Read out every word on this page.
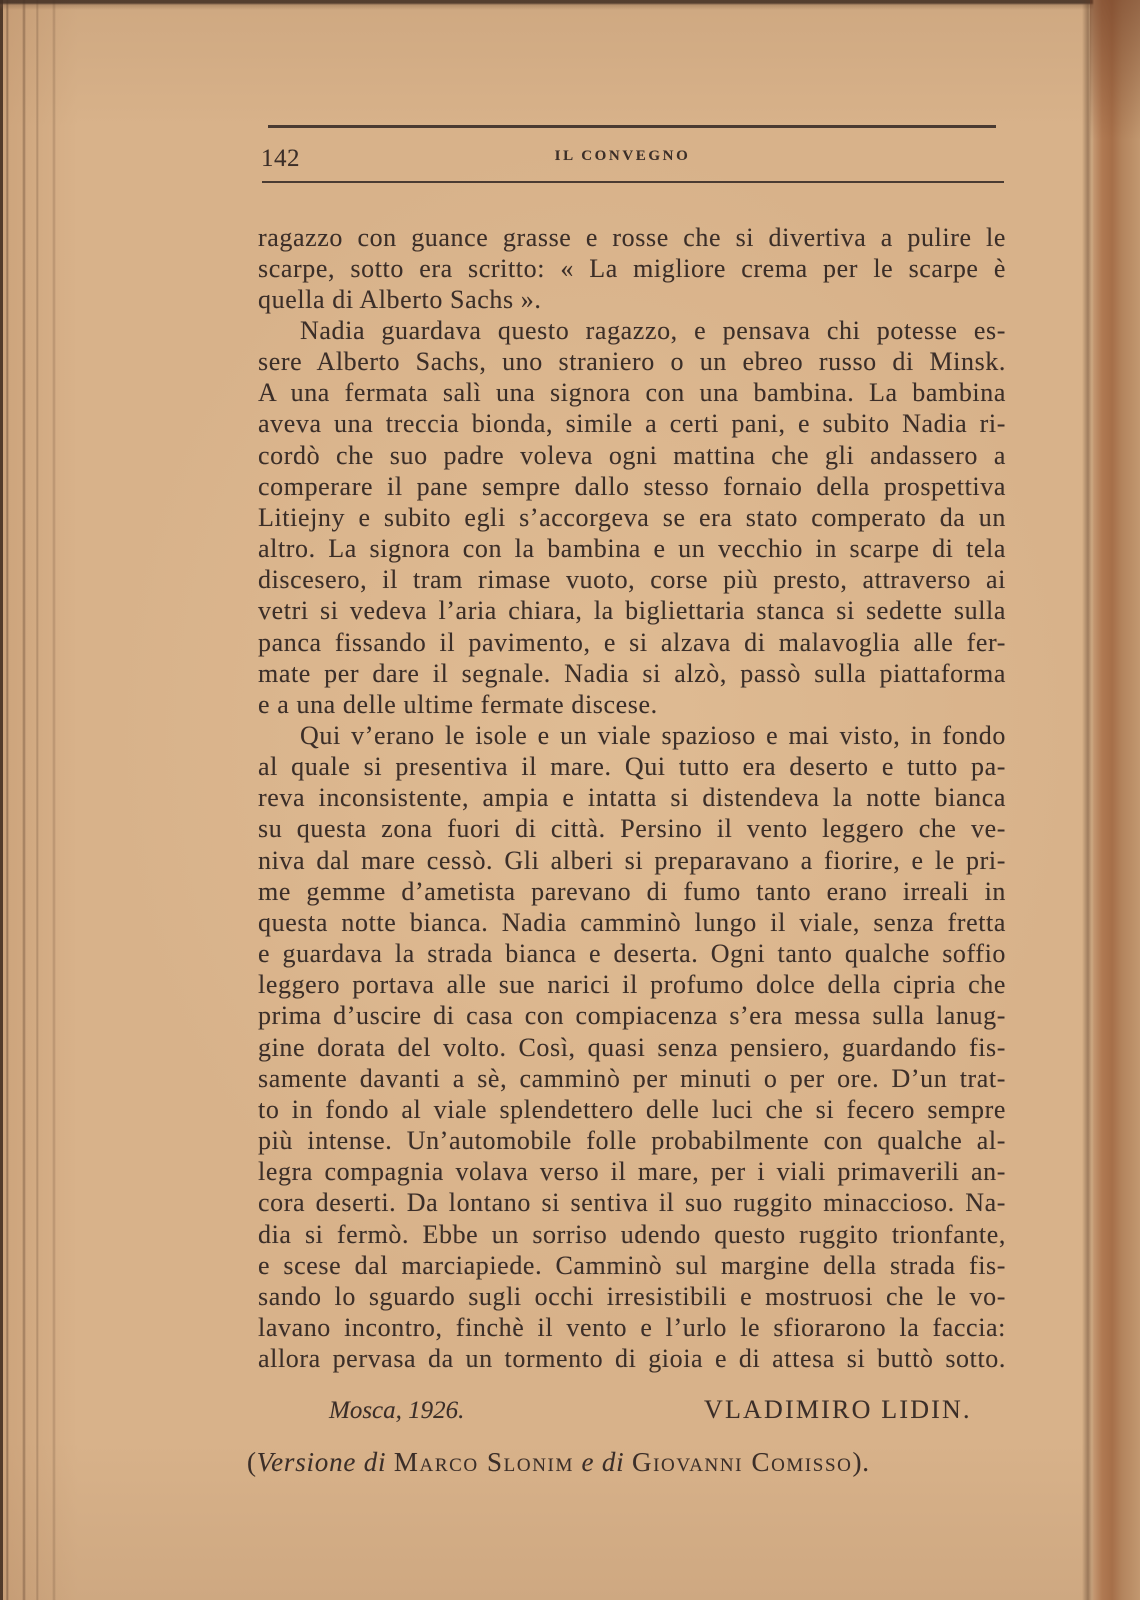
142	IL CONVEGNO
ragazzo con guance grasse e rosse che si divertiva a pulire le
scarpe, sotto era scritto: « La migliore crema per le scarpe è
quella di Alberto Sachs ».
Nadia guardava questo ragazzo, e pensava chi potesse es-
sere Alberto Sachs, uno straniero o un ebreo russo di Minsk.
A una fermata salì una signora con una bambina. La bambina
aveva una treccia bionda, simile a certi pani, e subito Nadia ri-
cordò che suo padre voleva ogni mattina che gli andassero a
comperare il pane sempre dallo stesso fornaio della prospettiva
Litiejny e subito egli s’accorgeva se era stato comperato da un
altro. La signora con la bambina e un vecchio in scarpe di tela
discesero, il tram rimase vuoto, corse più presto, attraverso ai
vetri si vedeva l’aria chiara, la bigliettaria stanca si sedette sulla
panca fissando il pavimento, e si alzava di malavoglia alle fer-
mate per dare il segnale. Nadia si alzò, passò sulla piattaforma
e a una delle ultime fermate discese.
Qui v’erano le isole e un viale spazioso e mai visto, in fondo
al quale si presentiva il mare. Qui tutto era deserto e tutto pa-
reva inconsistente, ampia e intatta si distendeva la notte bianca
su questa zona fuori di città. Persino il vento leggero che ve-
niva dal mare cessò. Gli alberi si preparavano a fiorire, e le pri-
me gemme d’ametista parevano di fumo tanto erano irreali in
questa notte bianca. Nadia camminò lungo il viale, senza fretta
e guardava la strada bianca e deserta. Ogni tanto qualche soffio
leggero portava alle sue narici il profumo dolce della cipria che
prima d’uscire di casa con compiacenza s’era messa sulla lanug-
gine dorata del volto. Così, quasi senza pensiero, guardando fis-
samente davanti a sè, camminò per minuti o per ore. D’un trat-
to in fondo al viale splendettero delle luci che si fecero sempre
più intense. Un’automobile folle probabilmente con qualche al-
legra compagnia volava verso il mare, per i viali primaverili an-
cora deserti. Da lontano si sentiva il suo ruggito minaccioso. Na-
dia si fermò. Ebbe un sorriso udendo questo ruggito trionfante,
e scese dal marciapiede. Camminò sul margine della strada fis-
sando lo sguardo sugli occhi irresistibili e mostruosi che le vo-
lavano incontro, finchè il vento e l’urlo le sfiorarono la faccia:
allora pervasa da un tormento di gioia e di attesa si buttò sotto.
Mosca, 1926.	VLADIMIRO LIDIN.
(Versione di Marco Slonim e di Giovanni Comisso).
